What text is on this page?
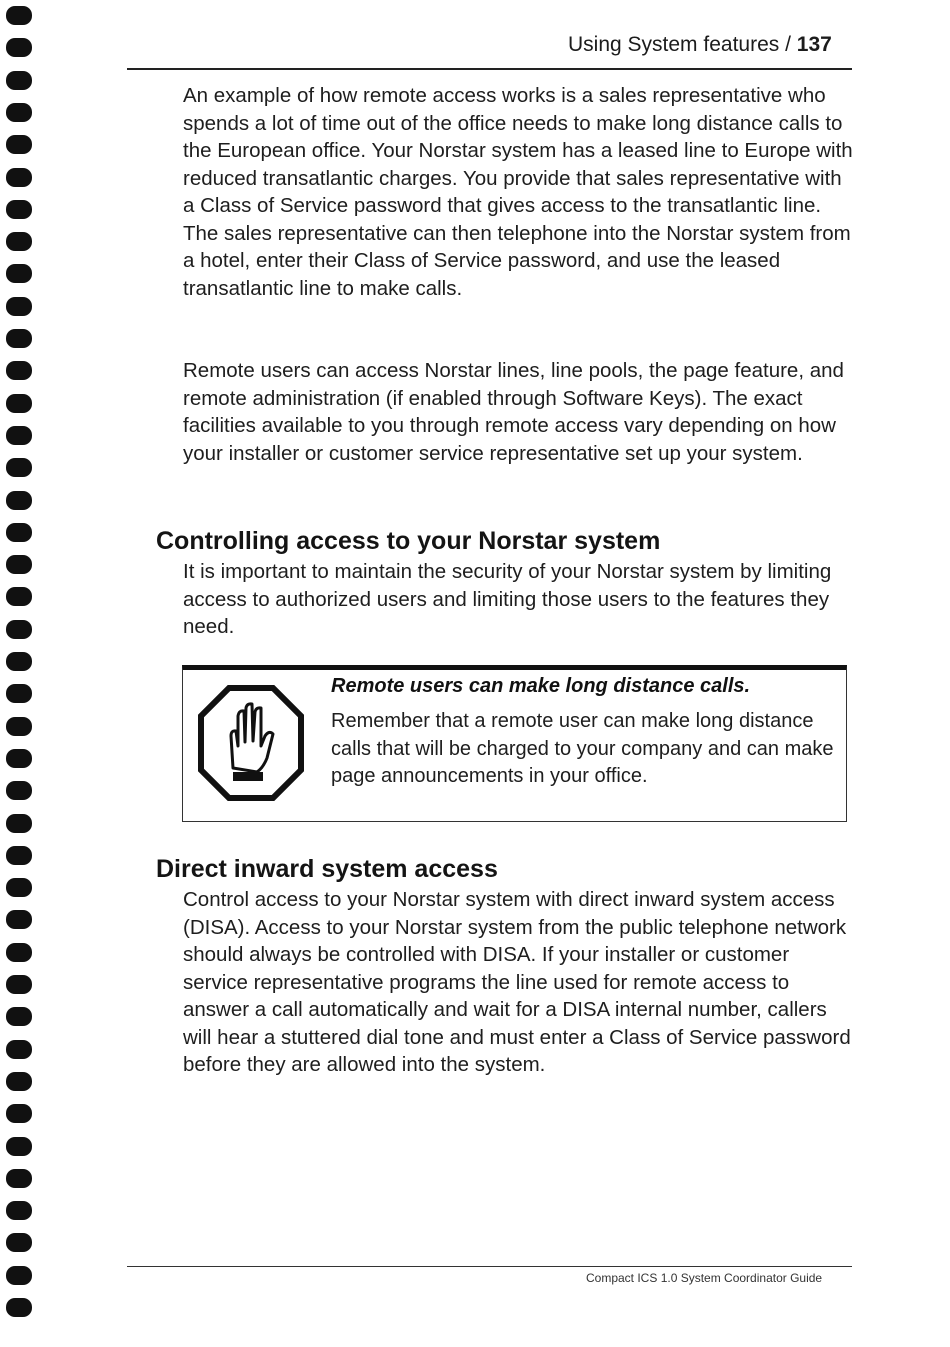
Using System features / 137

An example of how remote access works is a sales representative who spends a lot of time out of the office needs to make long distance calls to the European office. Your Norstar system has a leased line to Europe with reduced transatlantic charges. You provide that sales representative with a Class of Service password that gives access to the transatlantic line. The sales representative can then telephone into the Norstar system from a hotel, enter their Class of Service password, and use the leased transatlantic line to make calls.

Remote users can access Norstar lines, line pools, the page feature, and remote administration (if enabled through Software Keys). The exact facilities available to you through remote access vary depending on how your installer or customer service representative set up your system.

Controlling access to your Norstar system

It is important to maintain the security of your Norstar system by limiting access to authorized users and limiting those users to the features they need.

Remote users can make long distance calls.

Remember that a remote user can make long distance calls that will be charged to your company and can make page announcements in your office.

Direct inward system access

Control access to your Norstar system with direct inward system access (DISA). Access to your Norstar system from the public telephone network should always be controlled with DISA. If your installer or customer service representative programs the line used for remote access to answer a call automatically and wait for a DISA internal number, callers will hear a stuttered dial tone and must enter a Class of Service password before they are allowed into the system.

Compact ICS 1.0 System Coordinator Guide
